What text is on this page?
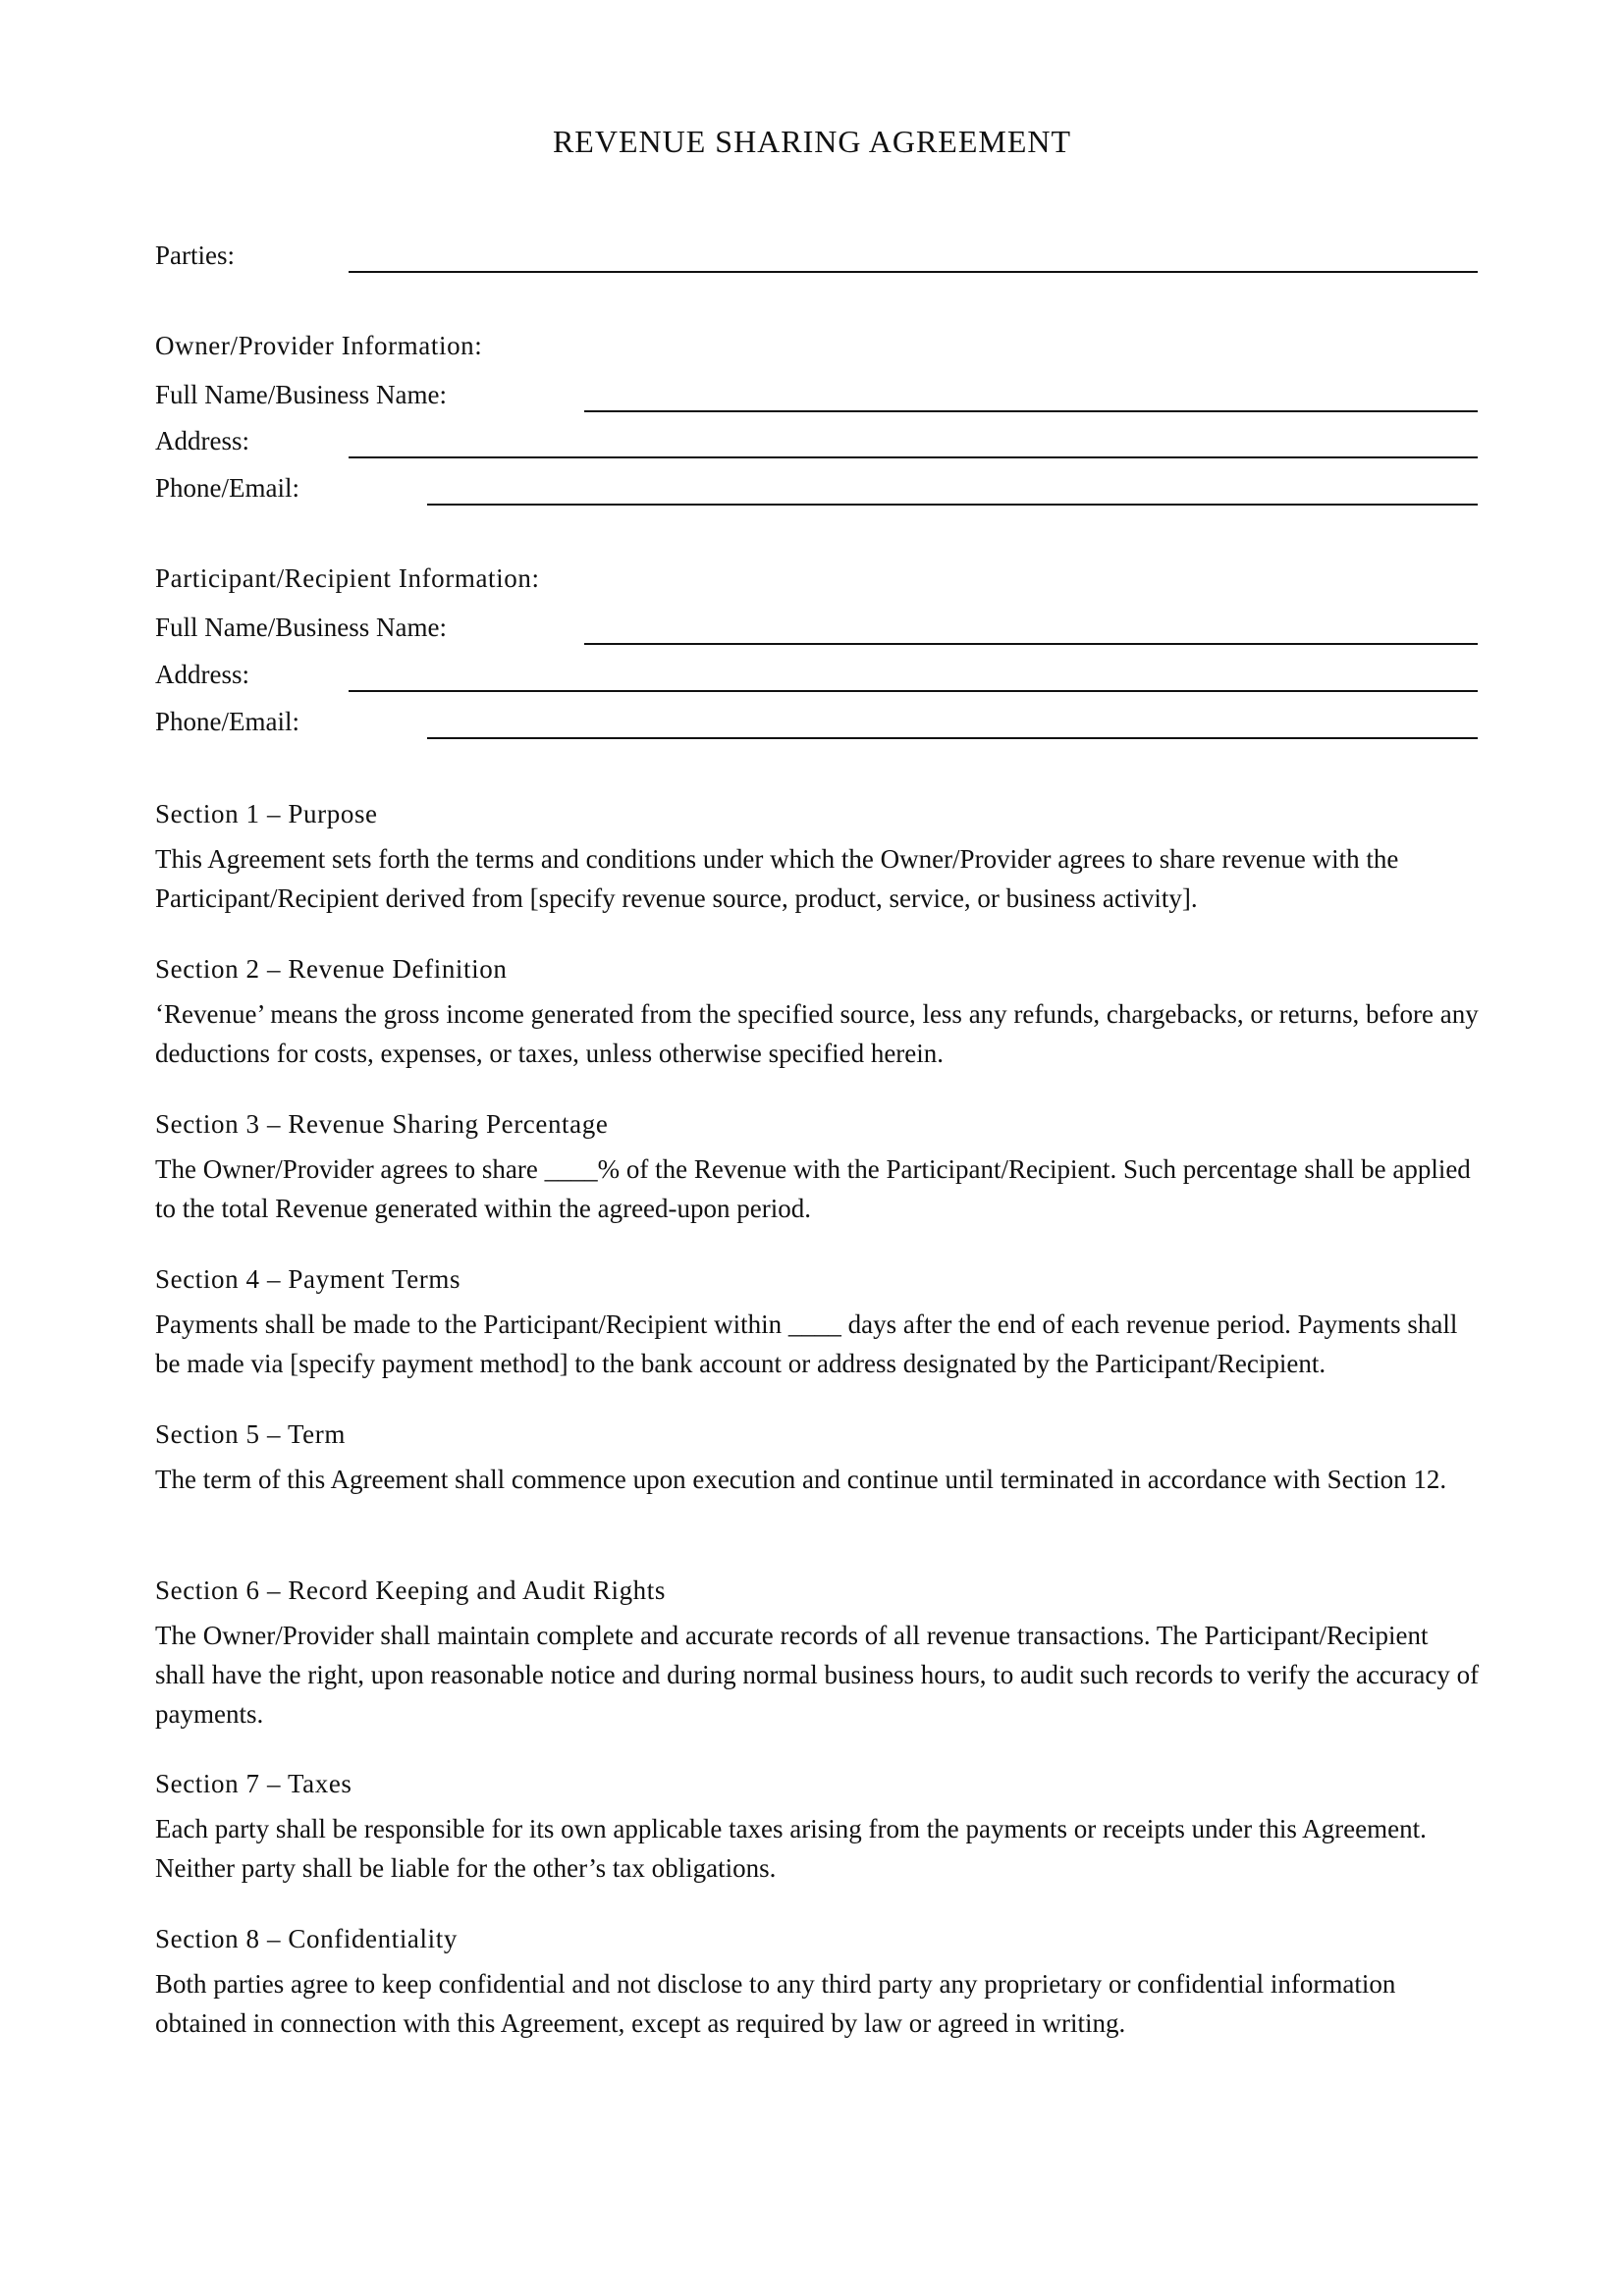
REVENUE SHARING AGREEMENT
Parties:
Owner/Provider Information:
Full Name/Business Name:
Address:
Phone/Email:
Participant/Recipient Information:
Full Name/Business Name:
Address:
Phone/Email:

Section 1 – Purpose

This Agreement sets forth the terms and conditions under which the Owner/Provider agrees to share revenue with the Participant/Recipient derived from [specify revenue source, product, service, or business activity].

Section 2 – Revenue Definition

‘Revenue’ means the gross income generated from the specified source, less any refunds, chargebacks, or returns, before any deductions for costs, expenses, or taxes, unless otherwise specified herein.

Section 3 – Revenue Sharing Percentage

The Owner/Provider agrees to share ____% of the Revenue with the Participant/Recipient. Such percentage shall be applied to the total Revenue generated within the agreed-upon period.

Section 4 – Payment Terms

Payments shall be made to the Participant/Recipient within ____ days after the end of each revenue period. Payments shall be made via [specify payment method] to the bank account or address designated by the Participant/Recipient.

Section 5 – Term

The term of this Agreement shall commence upon execution and continue until terminated in accordance with Section 12.

Section 6 – Record Keeping and Audit Rights

The Owner/Provider shall maintain complete and accurate records of all revenue transactions. The Participant/Recipient shall have the right, upon reasonable notice and during normal business hours, to audit such records to verify the accuracy of payments.

Section 7 – Taxes

Each party shall be responsible for its own applicable taxes arising from the payments or receipts under this Agreement. Neither party shall be liable for the other’s tax obligations.

Section 8 – Confidentiality

Both parties agree to keep confidential and not disclose to any third party any proprietary or confidential information obtained in connection with this Agreement, except as required by law or agreed in writing.
